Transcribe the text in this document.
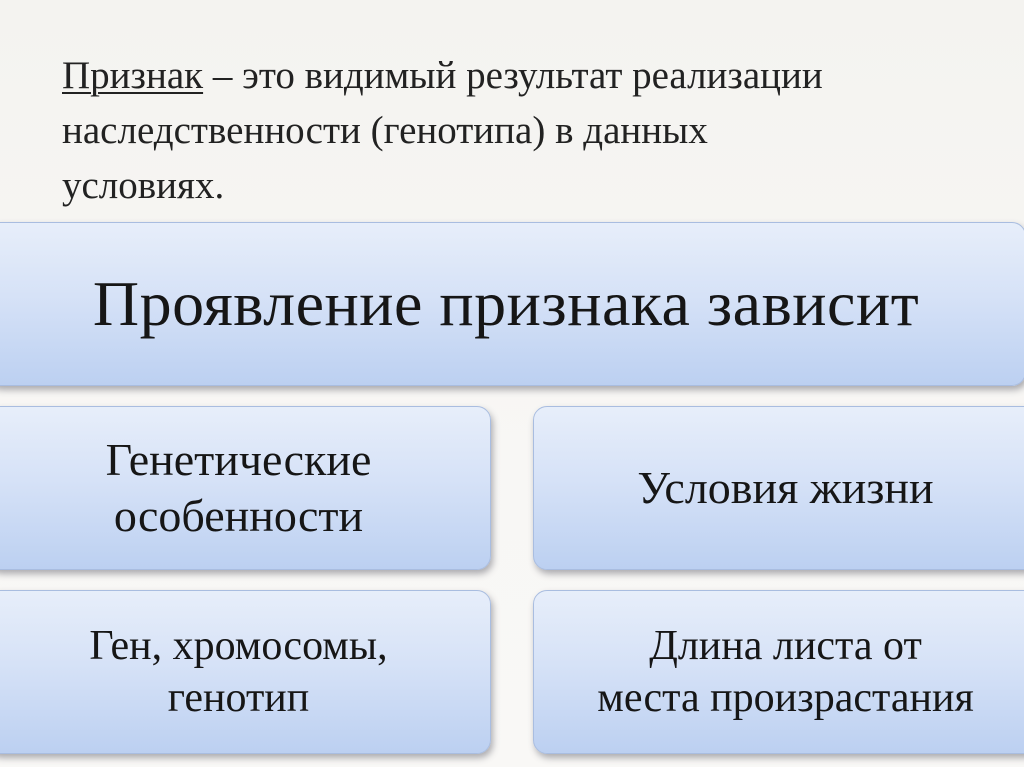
Признак – это видимый результат реализации
наследственности (генотипа) в данных
условиях.
Проявление признака зависит
Генетические
особенности
Условия жизни
Ген, хромосомы,
генотип
Длина листа от
места произрастания
